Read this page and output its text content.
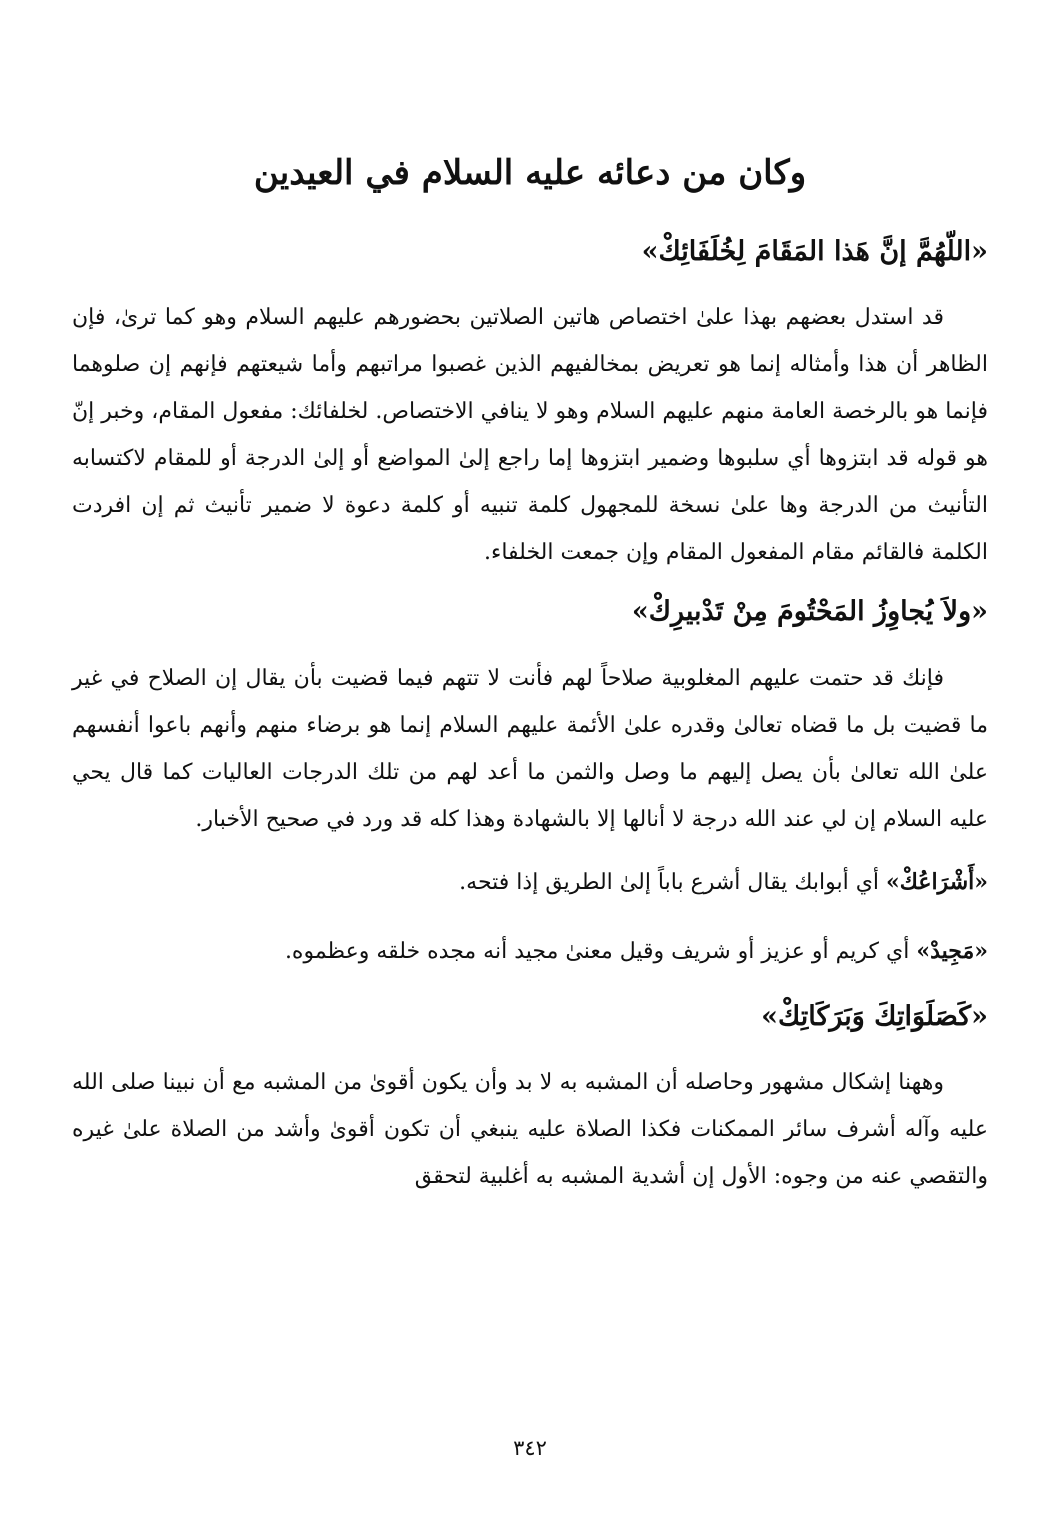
وكان من دعائه عليه السلام في العيدين
«اللّهُمَّ إنَّ هَذا المَقَامَ لِخُلَفَائِكْ»

قد استدل بعضهم بهذا علىٰ اختصاص هاتين الصلاتين بحضورهم عليهم السلام وهو كما ترىٰ، فإن الظاهر أن هذا وأمثاله إنما هو تعريض بمخالفيهم الذين غصبوا مراتبهم وأما شيعتهم فإنهم إن صلوهما فإنما هو بالرخصة العامة منهم عليهم السلام وهو لا ينافي الاختصاص. لخلفائك: مفعول المقام، وخبر إنّ هو قوله قد ابتزوها أي سلبوها وضمير ابتزوها إما راجع إلىٰ المواضع أو إلىٰ الدرجة أو للمقام لاكتسابه التأنيث من الدرجة وها علىٰ نسخة للمجهول كلمة تنبيه أو كلمة دعوة لا ضمير تأنيث ثم إن افردت الكلمة فالقائم مقام المفعول المقام وإن جمعت الخلفاء.

«ولاَ يُجاوِزُ المَحْتُومَ مِنْ تَدْبيرِكْ»

فإنك قد حتمت عليهم المغلوبية صلاحاً لهم فأنت لا تتهم فيما قضيت بأن يقال إن الصلاح في غير ما قضيت بل ما قضاه تعالىٰ وقدره علىٰ الأئمة عليهم السلام إنما هو برضاء منهم وأنهم باعوا أنفسهم علىٰ الله تعالىٰ بأن يصل إليهم ما وصل والثمن ما أعد لهم من تلك الدرجات العاليات كما قال يحي عليه السلام إن لي عند الله درجة لا أنالها إلا بالشهادة وهذا كله قد ورد في صحيح الأخبار.

«أَشْرَاعُكْ» أي أبوابك يقال أشرع باباً إلىٰ الطريق إذا فتحه.

«مَجِيدْ» أي كريم أو عزيز أو شريف وقيل معنىٰ مجيد أنه مجده خلقه وعظموه.

«كَصَلَوَاتِكَ وَبَرَكَاتِكْ»

وههنا إشكال مشهور وحاصله أن المشبه به لا بد وأن يكون أقوىٰ من المشبه مع أن نبينا صلى الله عليه وآله أشرف سائر الممكنات فكذا الصلاة عليه ينبغي أن تكون أقوىٰ وأشد من الصلاة علىٰ غيره والتقصي عنه من وجوه: الأول إن أشدية المشبه به أغلبية لتحقق

٣٤٢
